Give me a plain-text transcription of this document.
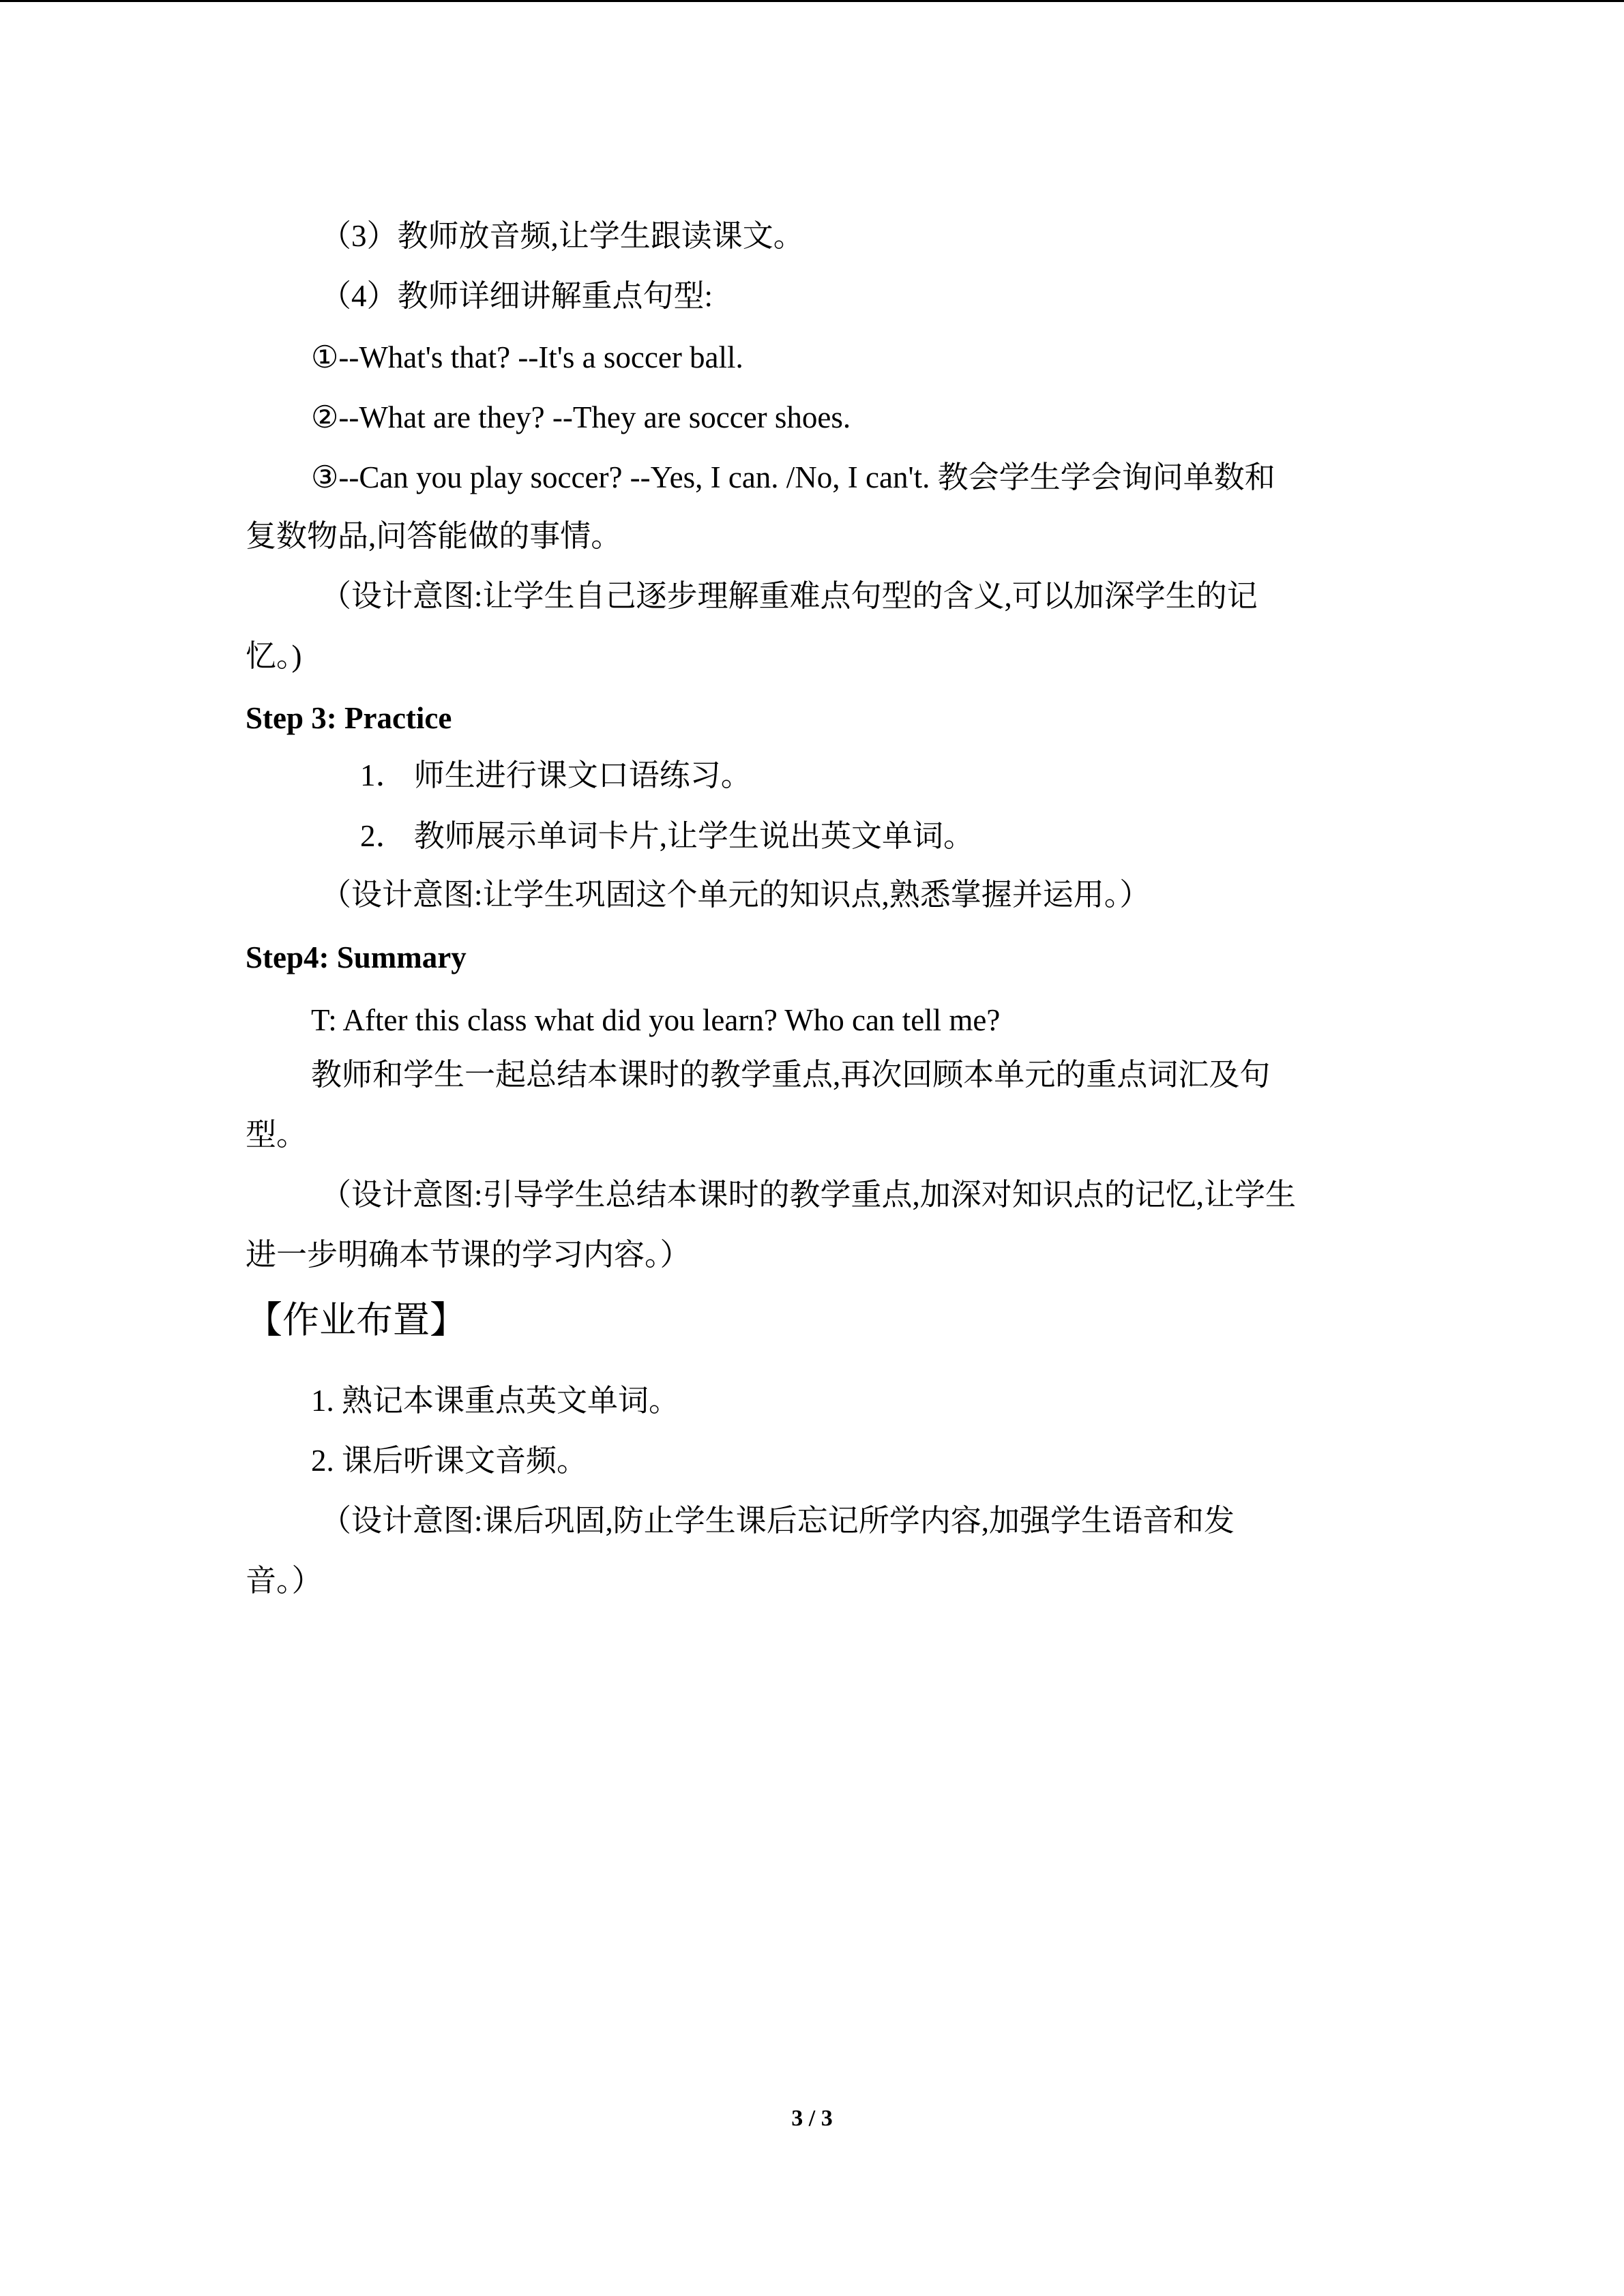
（3）教师放音频,让学生跟读课文。
（4）教师详细讲解重点句型:
①--What's that? --It's a soccer ball.
②--What are they? --They are soccer shoes.
③--Can you play soccer? --Yes, I can. /No, I can't. 教会学生学会询问单数和
复数物品,问答能做的事情。
（设计意图:让学生自己逐步理解重难点句型的含义,可以加深学生的记
忆。)
Step 3: Practice
1． 师生进行课文口语练习。
2． 教师展示单词卡片,让学生说出英文单词。
（设计意图:让学生巩固这个单元的知识点,熟悉掌握并运用。）
Step4: Summary
T: After this class what did you learn? Who can tell me?
教师和学生一起总结本课时的教学重点,再次回顾本单元的重点词汇及句
型。
（设计意图:引导学生总结本课时的教学重点,加深对知识点的记忆,让学生
进一步明确本节课的学习内容。）
【作业布置】
1. 熟记本课重点英文单词。
2. 课后听课文音频。
（设计意图:课后巩固,防止学生课后忘记所学内容,加强学生语音和发
音。）
3 / 3
